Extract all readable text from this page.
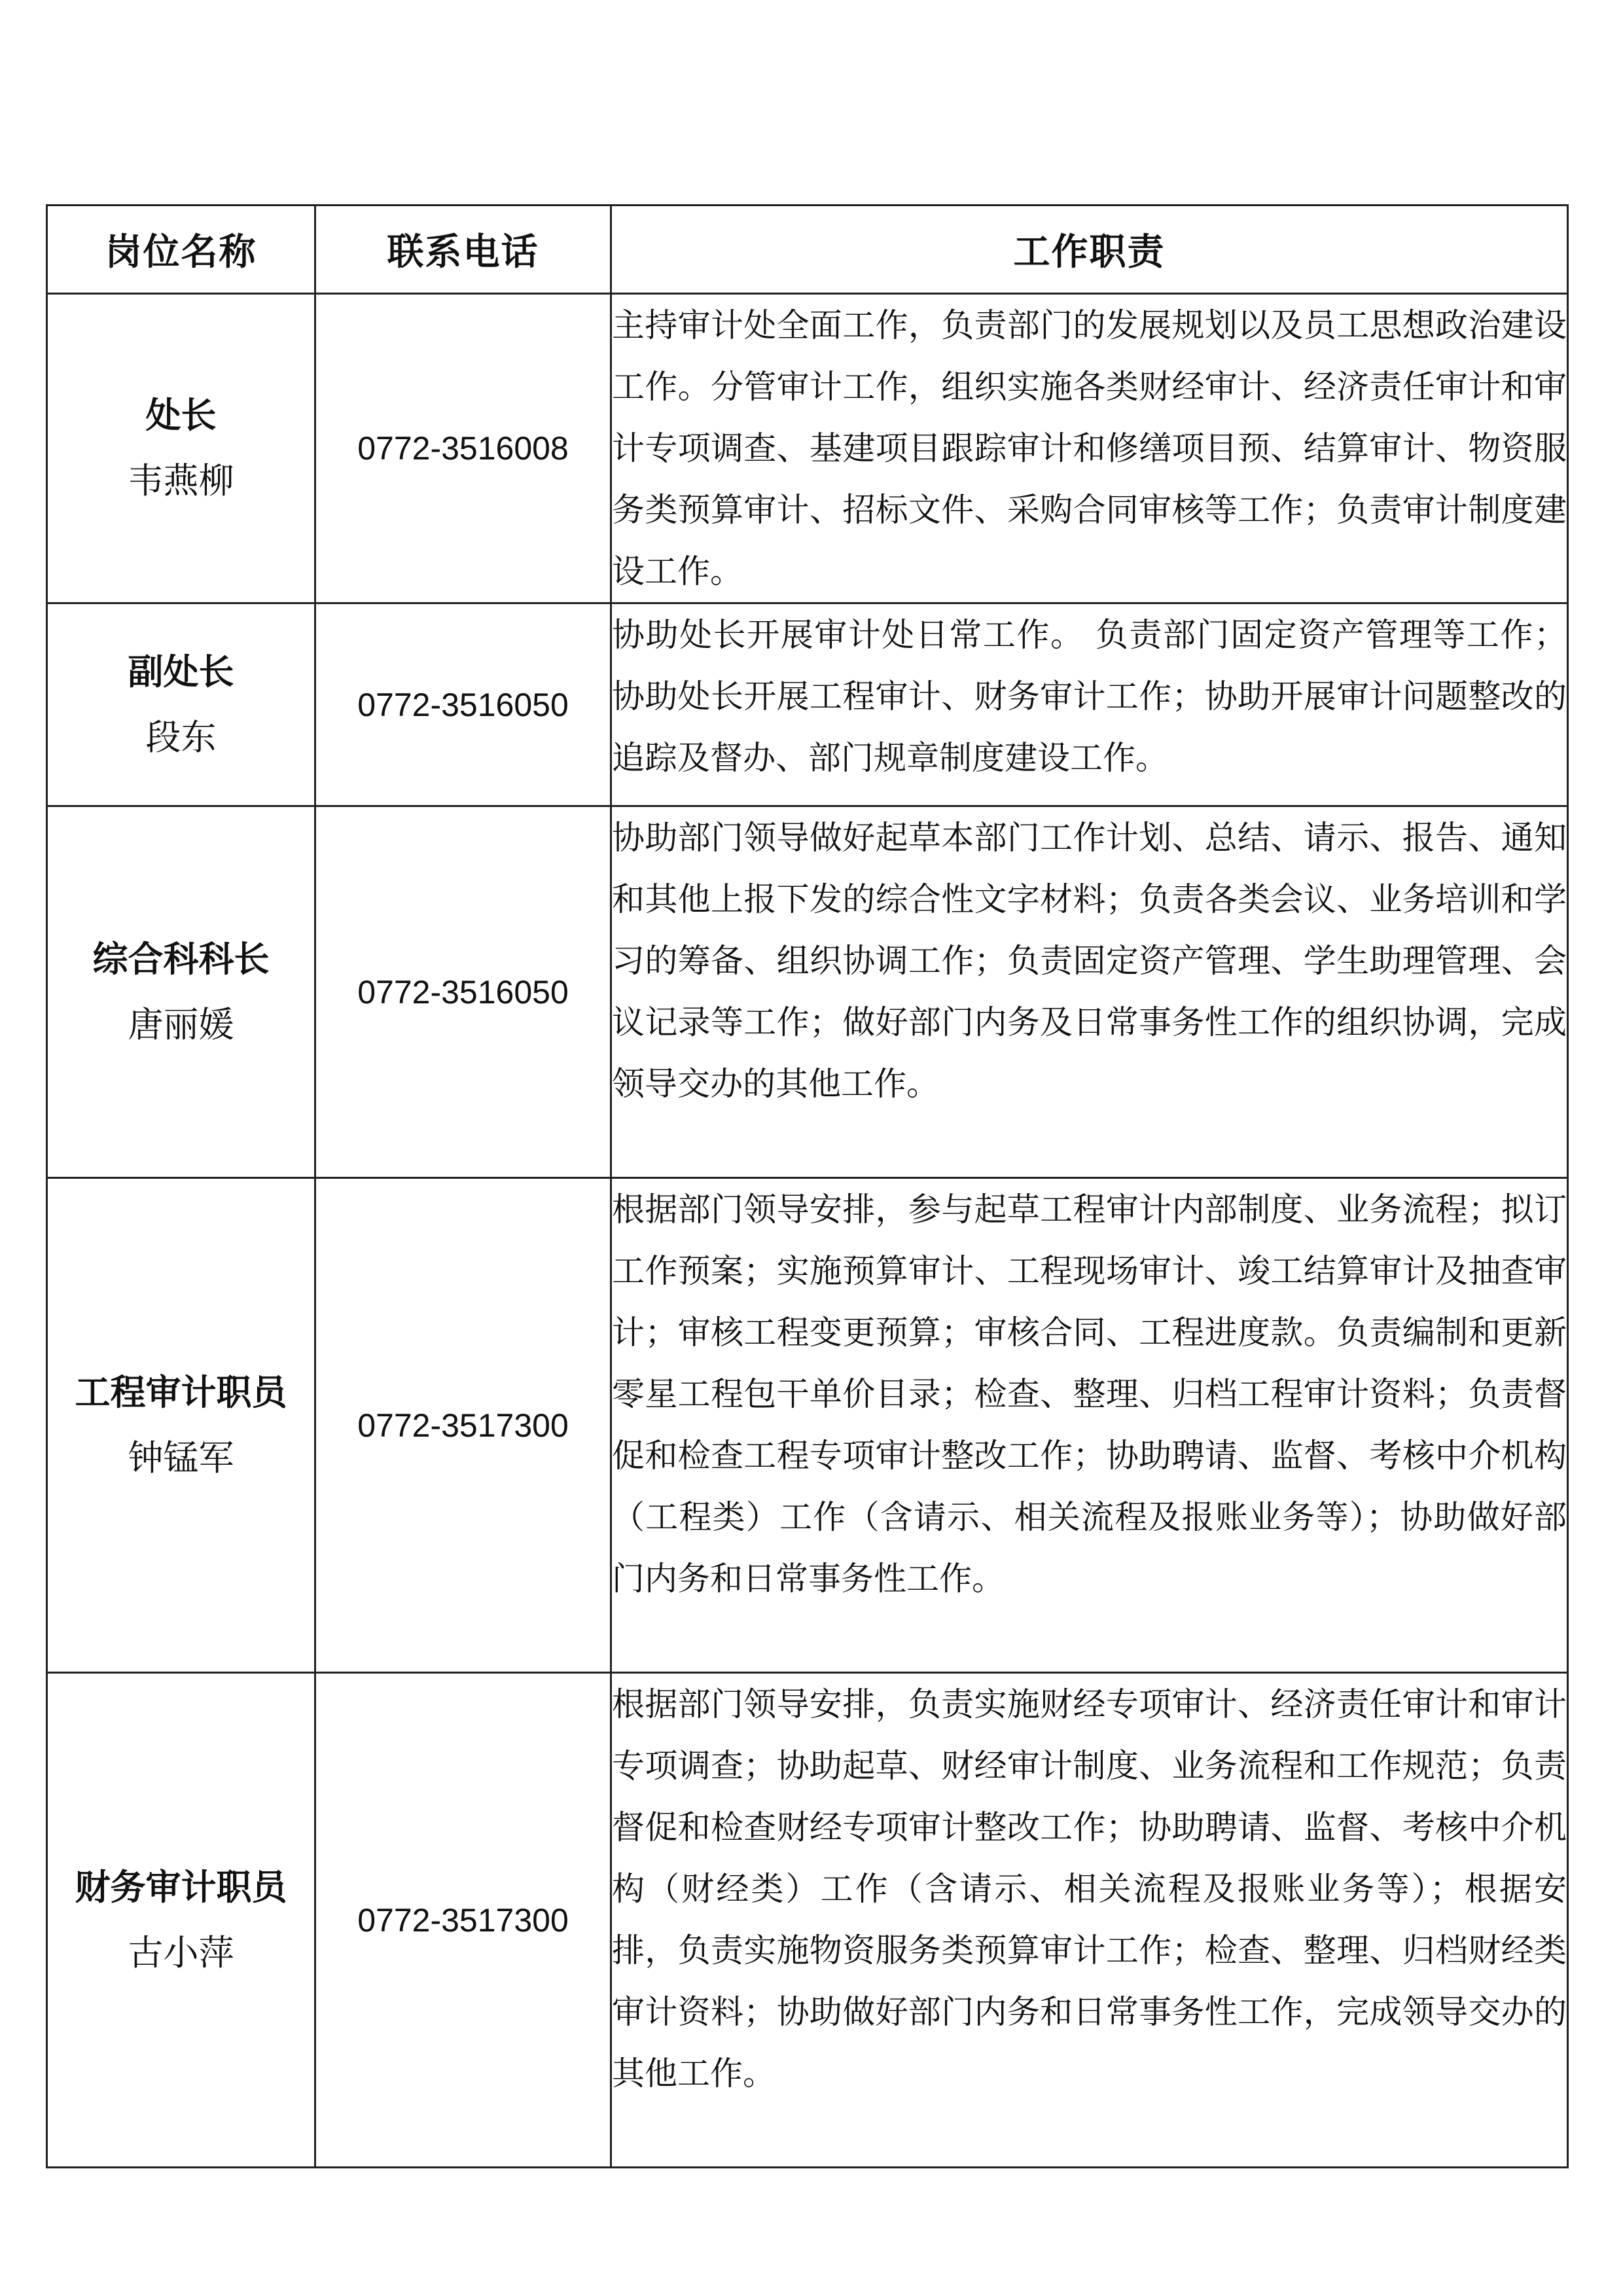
岗位名称	联系电话	工作职责

处长
韦燕柳	0772-3516008	主持审计处全面工作，负责部门的发展规划以及员工思想政治建设工作。分管审计工作，组织实施各类财经审计、经济责任审计和审计专项调查、基建项目跟踪审计和修缮项目预、结算审计、物资服务类预算审计、招标文件、采购合同审核等工作；负责审计制度建设工作。

副处长
段东	0772-3516050	协助处长开展审计处日常工作。 负责部门固定资产管理等工作；协助处长开展工程审计、财务审计工作；协助开展审计问题整改的追踪及督办、部门规章制度建设工作。

综合科科长
唐丽媛	0772-3516050	协助部门领导做好起草本部门工作计划、总结、请示、报告、通知和其他上报下发的综合性文字材料；负责各类会议、业务培训和学习的筹备、组织协调工作；负责固定资产管理、学生助理管理、会议记录等工作；做好部门内务及日常事务性工作的组织协调，完成领导交办的其他工作。

工程审计职员
钟锰军	0772-3517300	根据部门领导安排，参与起草工程审计内部制度、业务流程；拟订工作预案；实施预算审计、工程现场审计、竣工结算审计及抽查审计；审核工程变更预算；审核合同、工程进度款。负责编制和更新零星工程包干单价目录；检查、整理、归档工程审计资料；负责督促和检查工程专项审计整改工作；协助聘请、监督、考核中介机构（工程类）工作（含请示、相关流程及报账业务等）；协助做好部门内务和日常事务性工作。

财务审计职员
古小萍	0772-3517300	根据部门领导安排，负责实施财经专项审计、经济责任审计和审计专项调查；协助起草、财经审计制度、业务流程和工作规范；负责督促和检查财经专项审计整改工作；协助聘请、监督、考核中介机构（财经类）工作（含请示、相关流程及报账业务等）；根据安排，负责实施物资服务类预算审计工作；检查、整理、归档财经类审计资料；协助做好部门内务和日常事务性工作，完成领导交办的其他工作。
